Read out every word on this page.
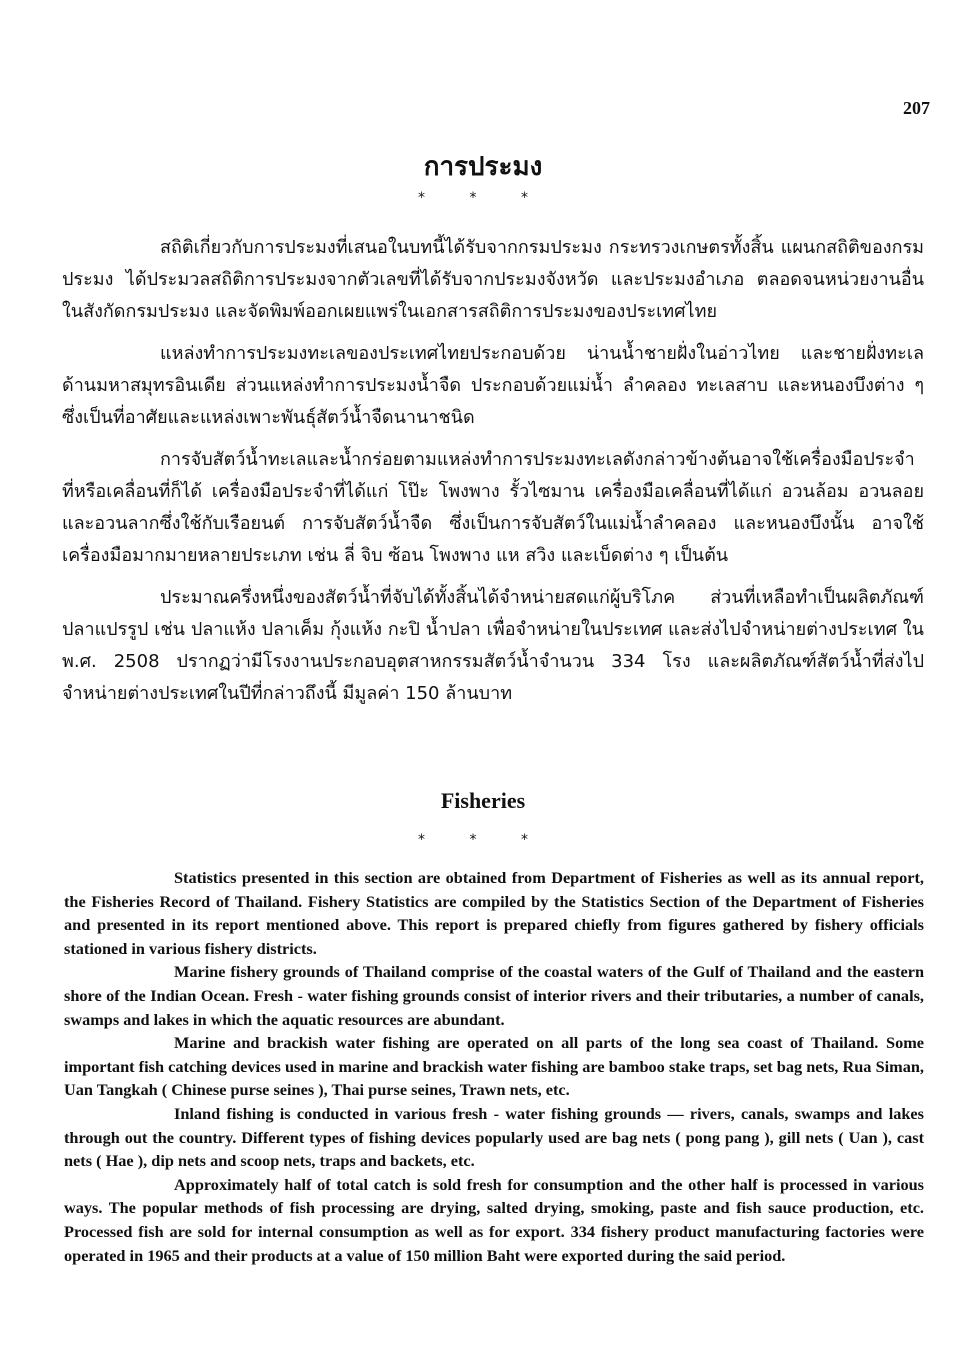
207
การประมง
* * *

สถิติเกี่ยวกับการประมงที่เสนอในบทนี้ได้รับจากกรมประมง กระทรวงเกษตรทั้งสิ้น แผนกสถิติของกรมประมง ได้ประมวลสถิติการประมงจากตัวเลขที่ได้รับจากประมงจังหวัด และประมงอำเภอ ตลอดจนหน่วยงานอื่นในสังกัดกรมประมง และจัดพิมพ์ออกเผยแพร่ในเอกสารสถิติการประมงของประเทศไทย

แหล่งทำการประมงทะเลของประเทศไทยประกอบด้วย น่านน้ำชายฝั่งในอ่าวไทย และชายฝั่งทะเลด้านมหาสมุทรอินเดีย ส่วนแหล่งทำการประมงน้ำจืด ประกอบด้วยแม่น้ำ ลำคลอง ทะเลสาบ และหนองบึงต่าง ๆ ซึ่งเป็นที่อาศัยและแหล่งเพาะพันธุ์สัตว์น้ำจืดนานาชนิด

การจับสัตว์น้ำทะเลและน้ำกร่อยตามแหล่งทำการประมงทะเลดังกล่าวข้างต้นอาจใช้เครื่องมือประจำที่หรือเคลื่อนที่ก็ได้ เครื่องมือประจำที่ได้แก่ โป๊ะ โพงพาง รั้วไซมาน เครื่องมือเคลื่อนที่ได้แก่ อวนล้อม อวนลอย และอวนลากซึ่งใช้กับเรือยนต์ การจับสัตว์น้ำจืด ซึ่งเป็นการจับสัตว์ในแม่น้ำลำคลอง และหนองบึงนั้น อาจใช้เครื่องมือมากมายหลายประเภท เช่น ลี่ จิบ ซ้อน โพงพาง แห สวิง และเบ็ดต่าง ๆ เป็นต้น

ประมาณครึ่งหนึ่งของสัตว์น้ำที่จับได้ทั้งสิ้นได้จำหน่ายสดแก่ผู้บริโภค ส่วนที่เหลือทำเป็นผลิตภัณฑ์ปลาแปรรูป เช่น ปลาแห้ง ปลาเค็ม กุ้งแห้ง กะปิ น้ำปลา เพื่อจำหน่ายในประเทศ และส่งไปจำหน่ายต่างประเทศ ใน พ.ศ. 2508 ปรากฏว่ามีโรงงานประกอบอุตสาหกรรมสัตว์น้ำจำนวน 334 โรง และผลิตภัณฑ์สัตว์น้ำที่ส่งไปจำหน่ายต่างประเทศในปีที่กล่าวถึงนี้ มีมูลค่า 150 ล้านบาท

Fisheries
* * *

Statistics presented in this section are obtained from Department of Fisheries as well as its annual report, the Fisheries Record of Thailand. Fishery Statistics are compiled by the Statistics Section of the Department of Fisheries and presented in its report mentioned above. This report is prepared chiefly from figures gathered by fishery officials stationed in various fishery districts.

Marine fishery grounds of Thailand comprise of the coastal waters of the Gulf of Thailand and the eastern shore of the Indian Ocean. Fresh - water fishing grounds consist of interior rivers and their tributaries, a number of canals, swamps and lakes in which the aquatic resources are abundant.

Marine and brackish water fishing are operated on all parts of the long sea coast of Thailand. Some important fish catching devices used in marine and brackish water fishing are bamboo stake traps, set bag nets, Rua Siman, Uan Tangkah ( Chinese purse seines ), Thai purse seines, Trawn nets, etc.

Inland fishing is conducted in various fresh - water fishing grounds — rivers, canals, swamps and lakes through out the country. Different types of fishing devices popularly used are bag nets ( pong pang ), gill nets ( Uan ), cast nets ( Hae ), dip nets and scoop nets, traps and backets, etc.

Approximately half of total catch is sold fresh for consumption and the other half is processed in various ways. The popular methods of fish processing are drying, salted drying, smoking, paste and fish sauce production, etc. Processed fish are sold for internal consumption as well as for export. 334 fishery product manufacturing factories were operated in 1965 and their products at a value of 150 million Baht were exported during the said period.
